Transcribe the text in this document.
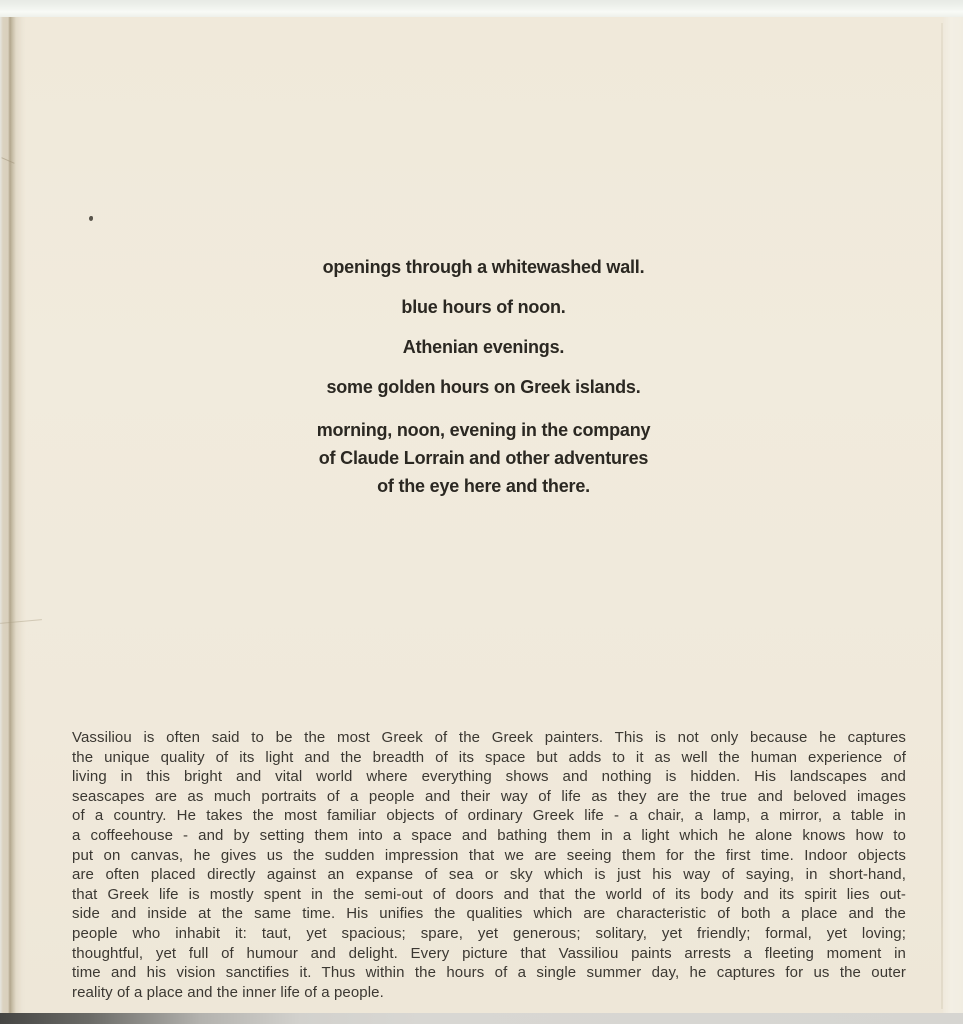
openings through a whitewashed wall.
blue hours of noon.
Athenian evenings.
some golden hours on Greek islands.
morning, noon, evening in the company
of Claude Lorrain and other adventures
of the eye here and there.
Vassiliou is often said to be the most Greek of the Greek painters. This is not only because he captures
the unique quality of its light and the breadth of its space but adds to it as well the human experience of
living in this bright and vital world where everything shows and nothing is hidden. His landscapes and
seascapes are as much portraits of a people and their way of life as they are the true and beloved images
of a country. He takes the most familiar objects of ordinary Greek life - a chair, a lamp, a mirror, a table in
a coffeehouse - and by setting them into a space and bathing them in a light which he alone knows how to
put on canvas, he gives us the sudden impression that we are seeing them for the first time. Indoor objects
are often placed directly against an expanse of sea or sky which is just his way of saying, in short-hand,
that Greek life is mostly spent in the semi-out of doors and that the world of its body and its spirit lies out-
side and inside at the same time. His unifies the qualities which are characteristic of both a place and the
people who inhabit it: taut, yet spacious; spare, yet generous; solitary, yet friendly; formal, yet loving;
thoughtful, yet full of humour and delight. Every picture that Vassiliou paints arrests a fleeting moment in
time and his vision sanctifies it. Thus within the hours of a single summer day, he captures for us the outer
reality of a place and the inner life of a people.
